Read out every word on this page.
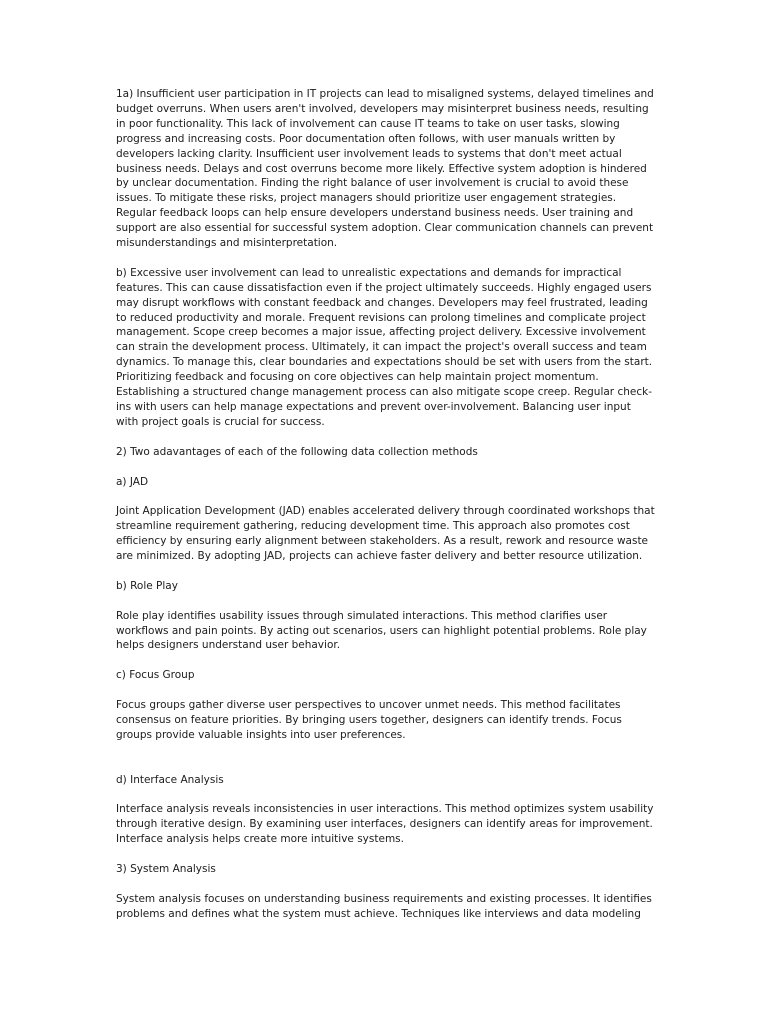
1a) Insufficient user participation in IT projects can lead to misaligned systems, delayed timelines and budget overruns. When users aren't involved, developers may misinterpret business needs, resulting in poor functionality. This lack of involvement can cause IT teams to take on user tasks, slowing progress and increasing costs. Poor documentation often follows, with user manuals written by developers lacking clarity. Insufficient user involvement leads to systems that don't meet actual business needs. Delays and cost overruns become more likely. Effective system adoption is hindered by unclear documentation. Finding the right balance of user involvement is crucial to avoid these issues. To mitigate these risks, project managers should prioritize user engagement strategies. Regular feedback loops can help ensure developers understand business needs. User training and support are also essential for successful system adoption. Clear communication channels can prevent misunderstandings and misinterpretation.

b) Excessive user involvement can lead to unrealistic expectations and demands for impractical features. This can cause dissatisfaction even if the project ultimately succeeds. Highly engaged users may disrupt workflows with constant feedback and changes. Developers may feel frustrated, leading to reduced productivity and morale. Frequent revisions can prolong timelines and complicate project management. Scope creep becomes a major issue, affecting project delivery. Excessive involvement can strain the development process. Ultimately, it can impact the project's overall success and team dynamics. To manage this, clear boundaries and expectations should be set with users from the start. Prioritizing feedback and focusing on core objectives can help maintain project momentum. Establishing a structured change management process can also mitigate scope creep. Regular check-ins with users can help manage expectations and prevent over-involvement. Balancing user input with project goals is crucial for success.

2) Two adavantages of each of the following data collection methods

a) JAD

Joint Application Development (JAD) enables accelerated delivery through coordinated workshops that streamline requirement gathering, reducing development time. This approach also promotes cost efficiency by ensuring early alignment between stakeholders. As a result, rework and resource waste are minimized. By adopting JAD, projects can achieve faster delivery and better resource utilization.

b) Role Play

Role play identifies usability issues through simulated interactions. This method clarifies user workflows and pain points. By acting out scenarios, users can highlight potential problems. Role play helps designers understand user behavior.

c) Focus Group

Focus groups gather diverse user perspectives to uncover unmet needs. This method facilitates consensus on feature priorities. By bringing users together, designers can identify trends. Focus groups provide valuable insights into user preferences.

d) Interface Analysis

Interface analysis reveals inconsistencies in user interactions. This method optimizes system usability through iterative design. By examining user interfaces, designers can identify areas for improvement. Interface analysis helps create more intuitive systems.

3) System Analysis

System analysis focuses on understanding business requirements and existing processes. It identifies problems and defines what the system must achieve. Techniques like interviews and data modeling
